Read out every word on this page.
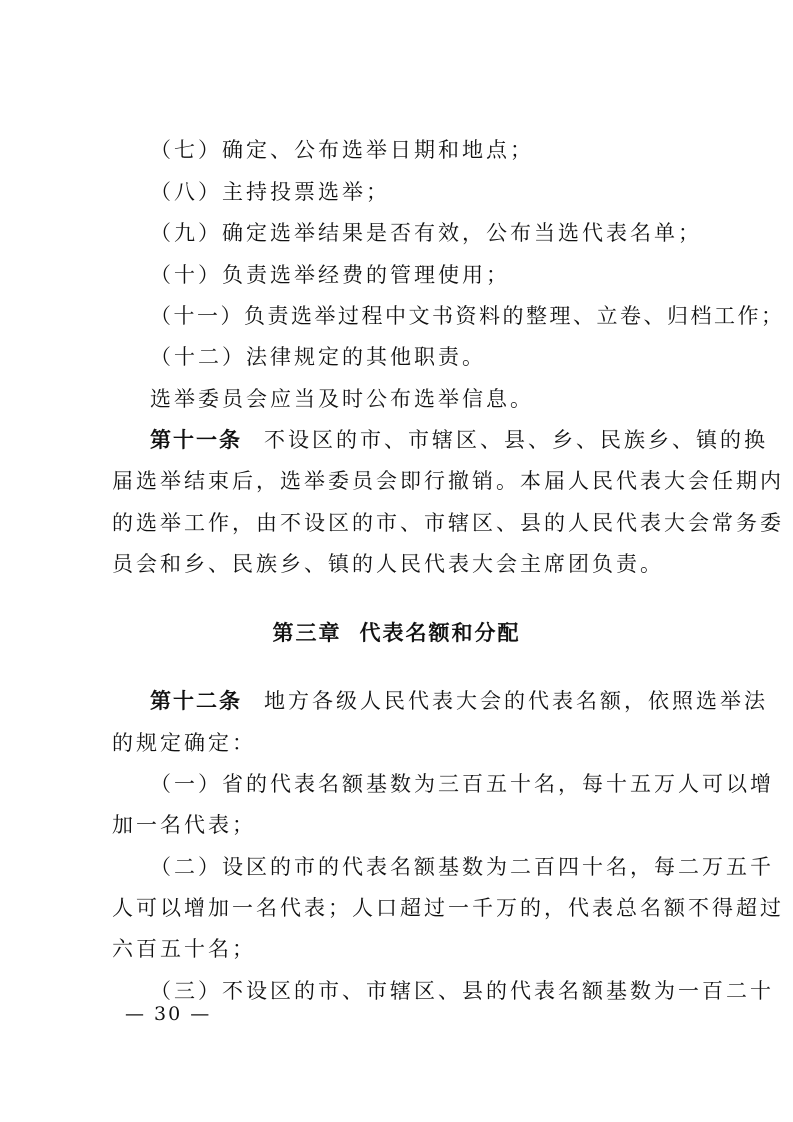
（七）确定、公布选举日期和地点；
（八）主持投票选举；
（九）确定选举结果是否有效，公布当选代表名单；
（十）负责选举经费的管理使用；
（十一）负责选举过程中文书资料的整理、立卷、归档工作；
（十二）法律规定的其他职责。
选举委员会应当及时公布选举信息。
第十一条 不设区的市、市辖区、县、乡、民族乡、镇的换
届选举结束后，选举委员会即行撤销。本届人民代表大会任期内
的选举工作，由不设区的市、市辖区、县的人民代表大会常务委
员会和乡、民族乡、镇的人民代表大会主席团负责。
第三章 代表名额和分配
第十二条 地方各级人民代表大会的代表名额，依照选举法
的规定确定：
（一）省的代表名额基数为三百五十名，每十五万人可以增
加一名代表；
（二）设区的市的代表名额基数为二百四十名，每二万五千
人可以增加一名代表；人口超过一千万的，代表总名额不得超过
六百五十名；
（三）不设区的市、市辖区、县的代表名额基数为一百二十
— 30 —
